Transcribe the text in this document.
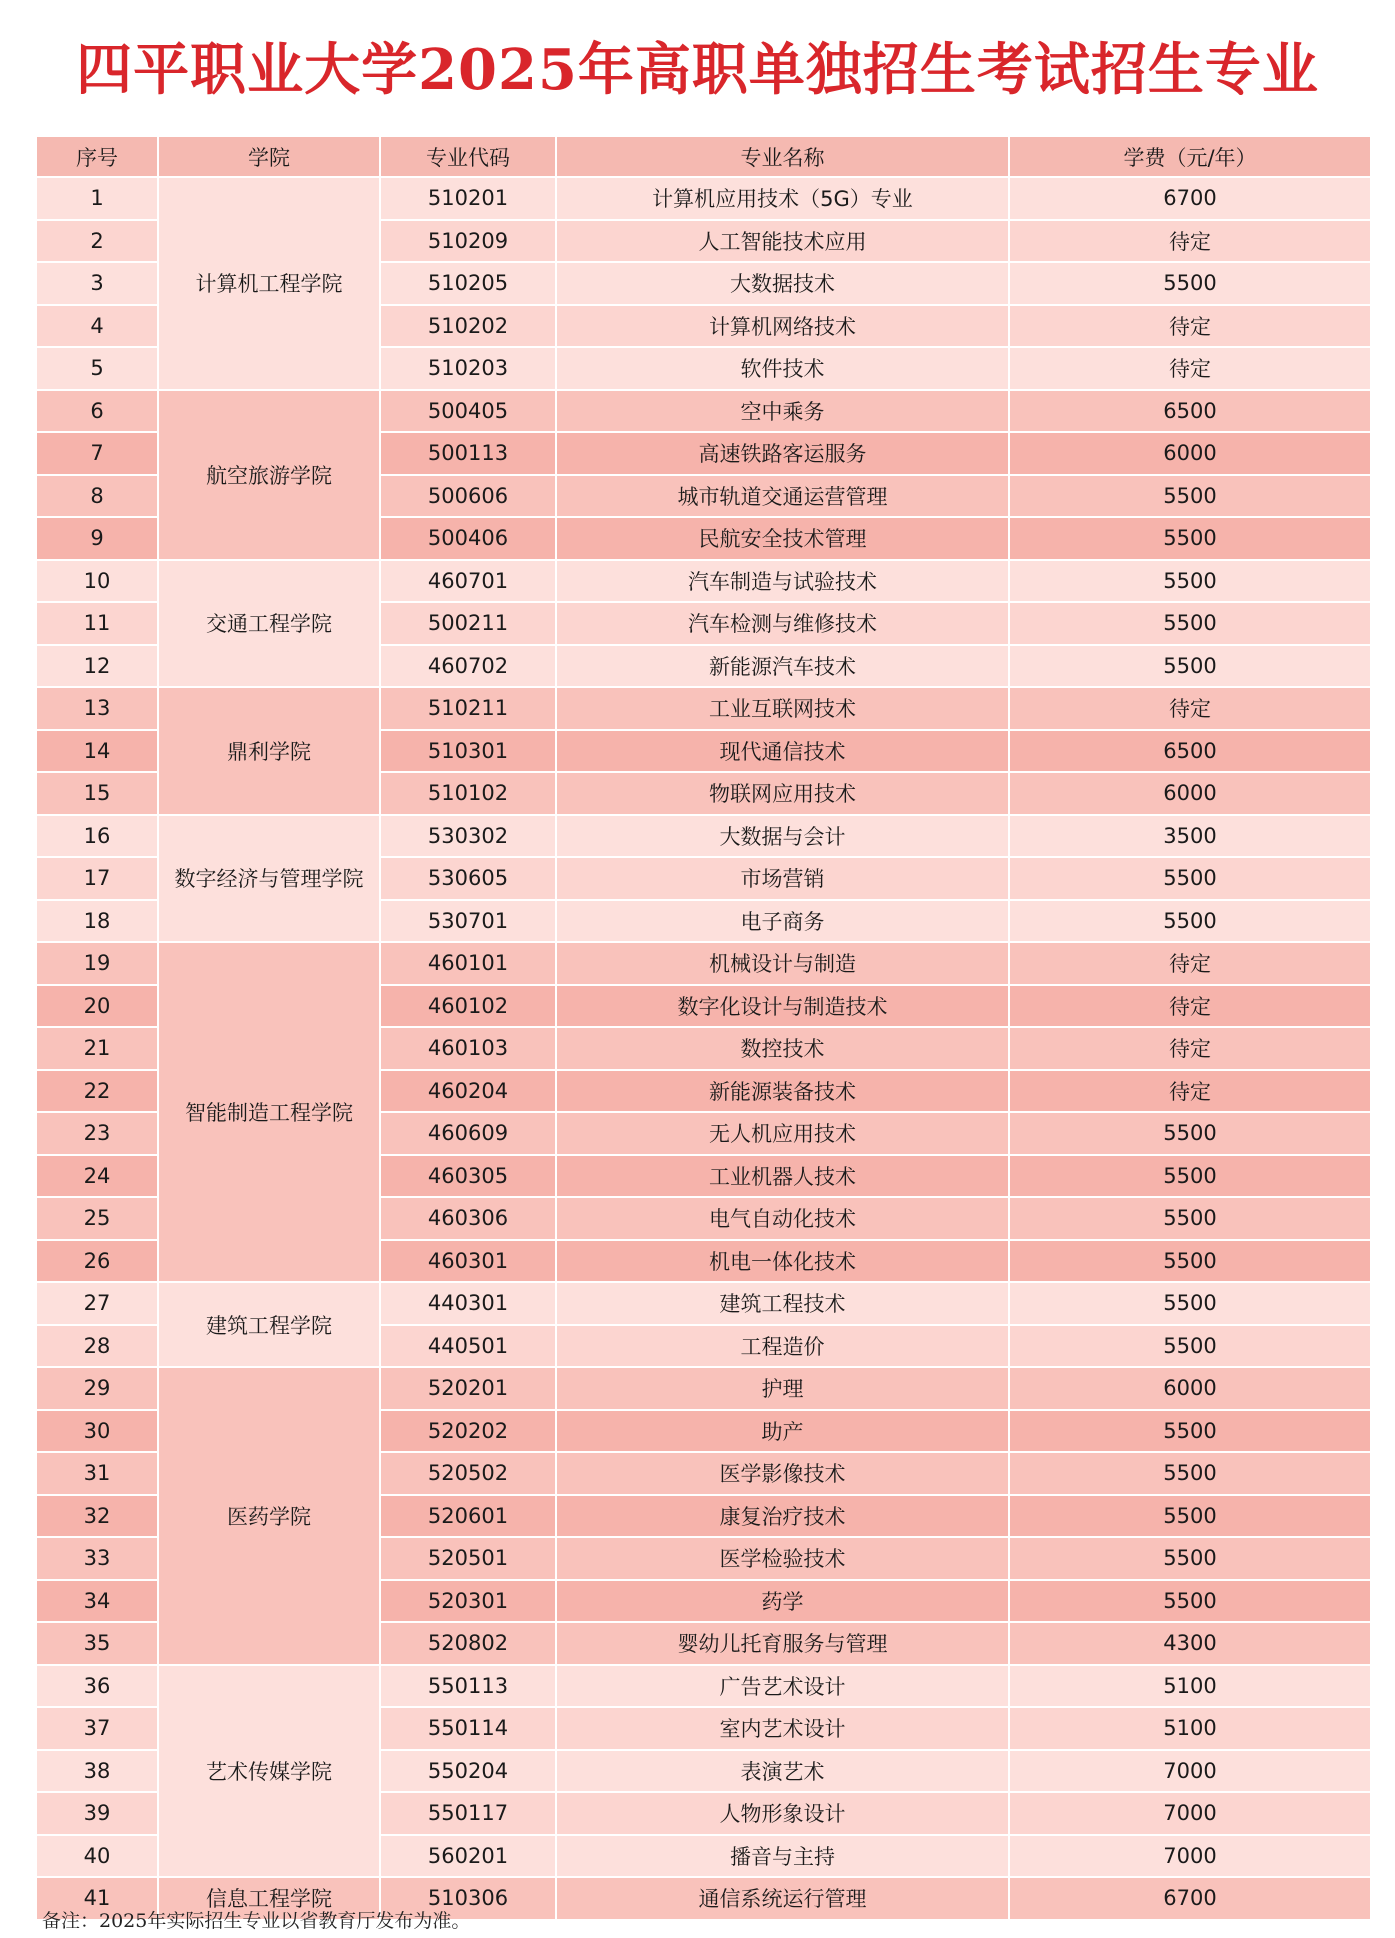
四平职业大学2025年高职单独招生考试招生专业
序号	学院	专业代码	专业名称	学费（元/年）
1	计算机工程学院	510201	计算机应用技术（5G）专业	6700
2		510209	人工智能技术应用	待定
3		510205	大数据技术	5500
4		510202	计算机网络技术	待定
5		510203	软件技术	待定
6	航空旅游学院	500405	空中乘务	6500
7		500113	高速铁路客运服务	6000
8		500606	城市轨道交通运营管理	5500
9		500406	民航安全技术管理	5500
10	交通工程学院	460701	汽车制造与试验技术	5500
11		500211	汽车检测与维修技术	5500
12		460702	新能源汽车技术	5500
13	鼎利学院	510211	工业互联网技术	待定
14		510301	现代通信技术	6500
15		510102	物联网应用技术	6000
16	数字经济与管理学院	530302	大数据与会计	3500
17		530605	市场营销	5500
18		530701	电子商务	5500
19	智能制造工程学院	460101	机械设计与制造	待定
20		460102	数字化设计与制造技术	待定
21		460103	数控技术	待定
22		460204	新能源装备技术	待定
23		460609	无人机应用技术	5500
24		460305	工业机器人技术	5500
25		460306	电气自动化技术	5500
26		460301	机电一体化技术	5500
27	建筑工程学院	440301	建筑工程技术	5500
28		440501	工程造价	5500
29	医药学院	520201	护理	6000
30		520202	助产	5500
31		520502	医学影像技术	5500
32		520601	康复治疗技术	5500
33		520501	医学检验技术	5500
34		520301	药学	5500
35		520802	婴幼儿托育服务与管理	4300
36	艺术传媒学院	550113	广告艺术设计	5100
37		550114	室内艺术设计	5100
38		550204	表演艺术	7000
39		550117	人物形象设计	7000
40		560201	播音与主持	7000
41	信息工程学院	510306	通信系统运行管理	6700
备注：2025年实际招生专业以省教育厅发布为准。
